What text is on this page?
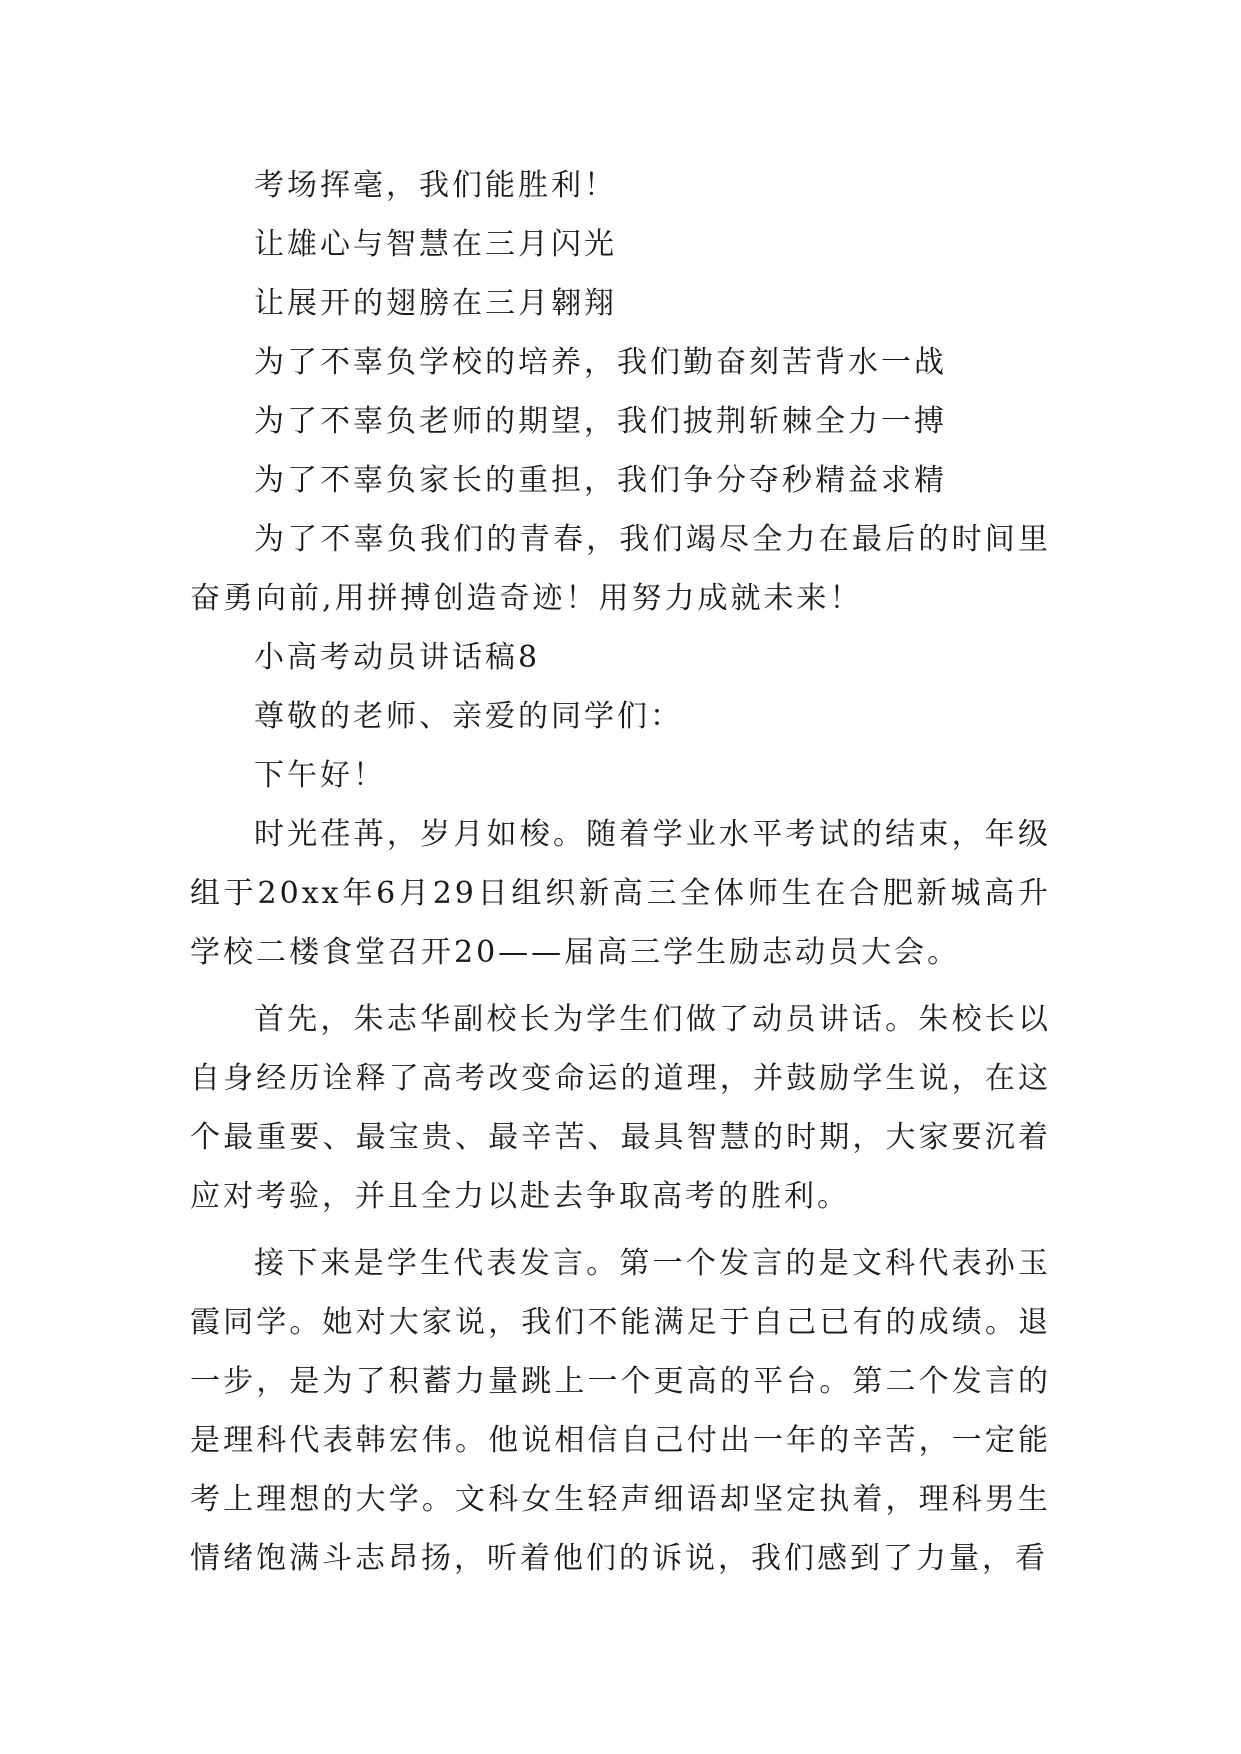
考场挥毫，我们能胜利！

让雄心与智慧在三月闪光

让展开的翅膀在三月翱翔

为了不辜负学校的培养，我们勤奋刻苦背水一战

为了不辜负老师的期望，我们披荆斩棘全力一搏

为了不辜负家长的重担，我们争分夺秒精益求精

为了不辜负我们的青春，我们竭尽全力在最后的时间里奋勇向前,用拼搏创造奇迹！用努力成就未来！

小高考动员讲话稿8

尊敬的老师、亲爱的同学们：

下午好！

时光荏苒，岁月如梭。随着学业水平考试的结束，年级组于20xx年6月29日组织新高三全体师生在合肥新城高升学校二楼食堂召开20——届高三学生励志动员大会。

首先，朱志华副校长为学生们做了动员讲话。朱校长以自身经历诠释了高考改变命运的道理，并鼓励学生说，在这个最重要、最宝贵、最辛苦、最具智慧的时期，大家要沉着应对考验，并且全力以赴去争取高考的胜利。

接下来是学生代表发言。第一个发言的是文科代表孙玉霞同学。她对大家说，我们不能满足于自己已有的成绩。退一步，是为了积蓄力量跳上一个更高的平台。第二个发言的是理科代表韩宏伟。他说相信自己付出一年的辛苦，一定能考上理想的大学。文科女生轻声细语却坚定执着，理科男生情绪饱满斗志昂扬，听着他们的诉说，我们感到了力量，看
